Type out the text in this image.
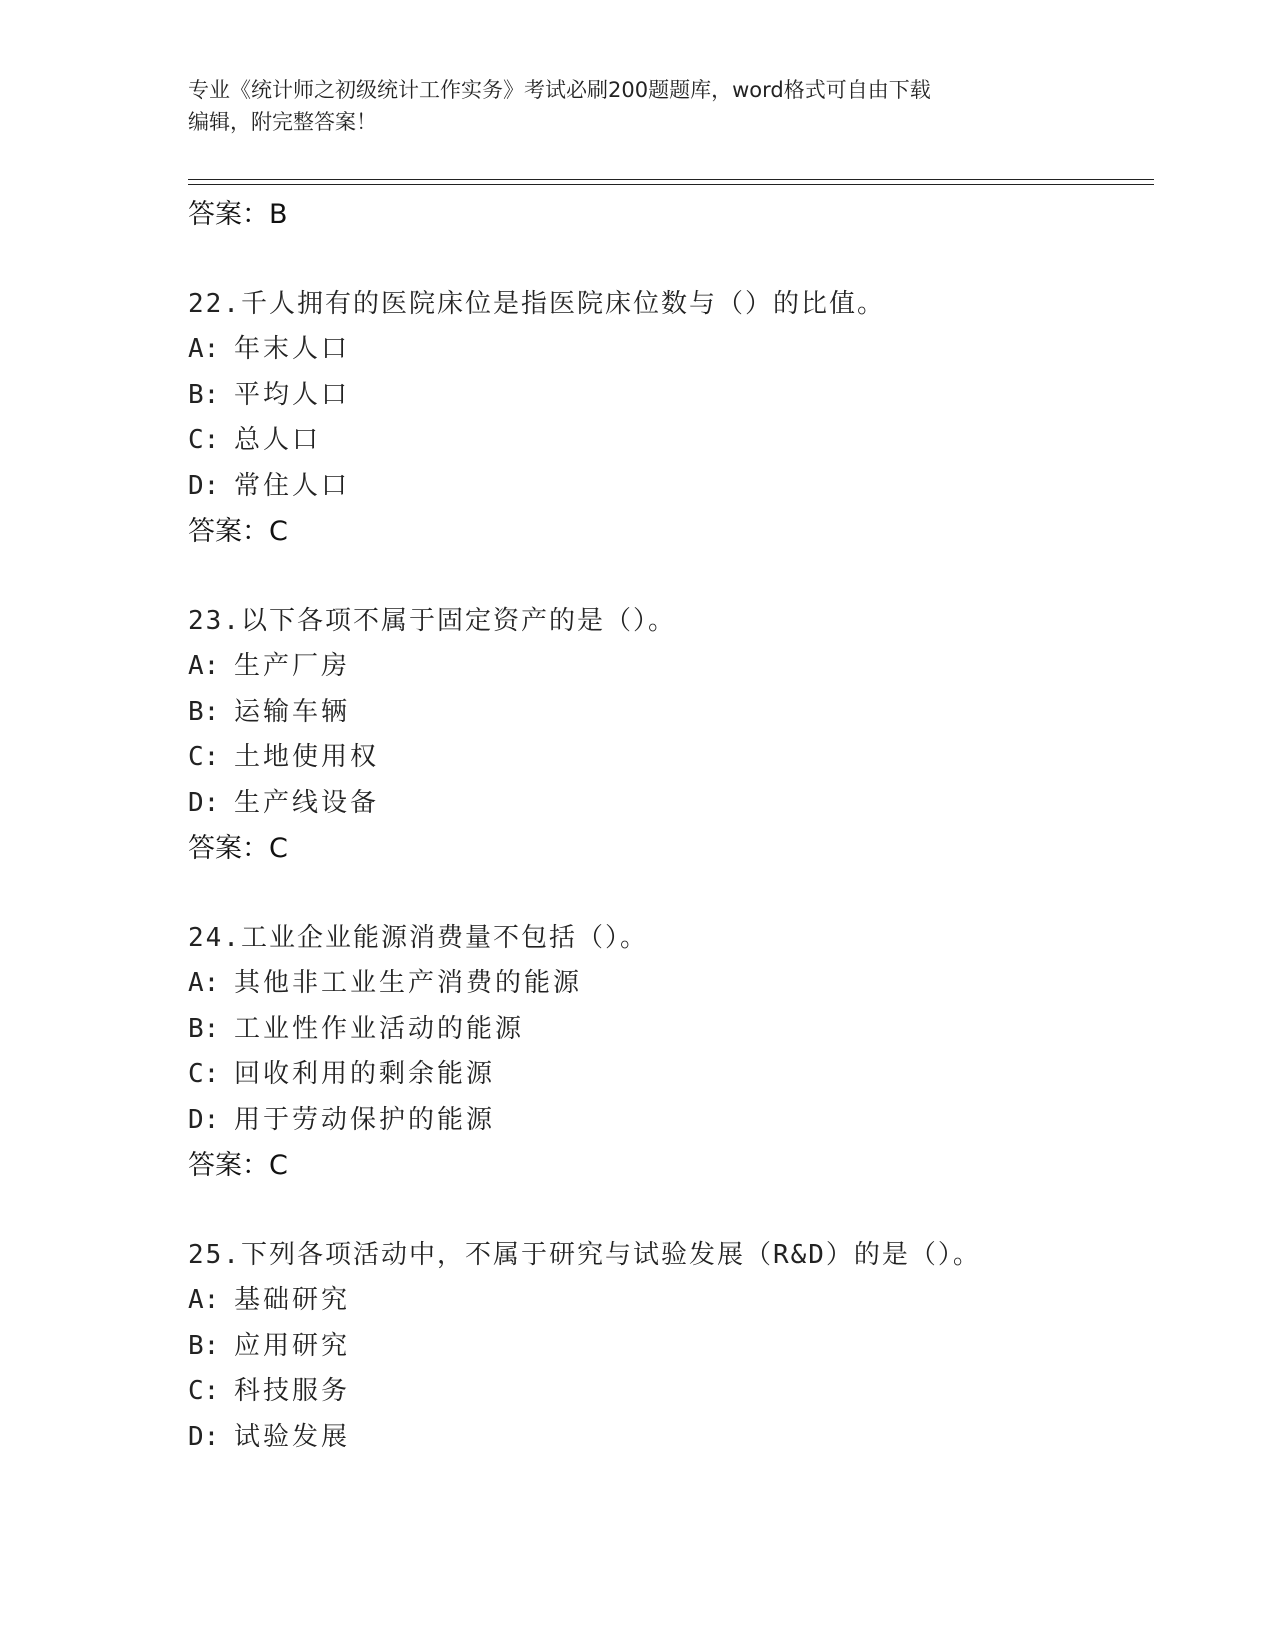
专业《统计师之初级统计工作实务》考试必刷200题题库，word格式可自由下载
编辑，附完整答案！
答案：B
22.千人拥有的医院床位是指医院床位数与（）的比值。
A: 年末人口
B: 平均人口
C: 总人口
D: 常住人口
答案：C
23.以下各项不属于固定资产的是（）。
A: 生产厂房
B: 运输车辆
C: 土地使用权
D: 生产线设备
答案：C
24.工业企业能源消费量不包括（）。
A: 其他非工业生产消费的能源
B: 工业性作业活动的能源
C: 回收利用的剩余能源
D: 用于劳动保护的能源
答案：C
25.下列各项活动中，不属于研究与试验发展（R&D）的是（）。
A: 基础研究
B: 应用研究
C: 科技服务
D: 试验发展
